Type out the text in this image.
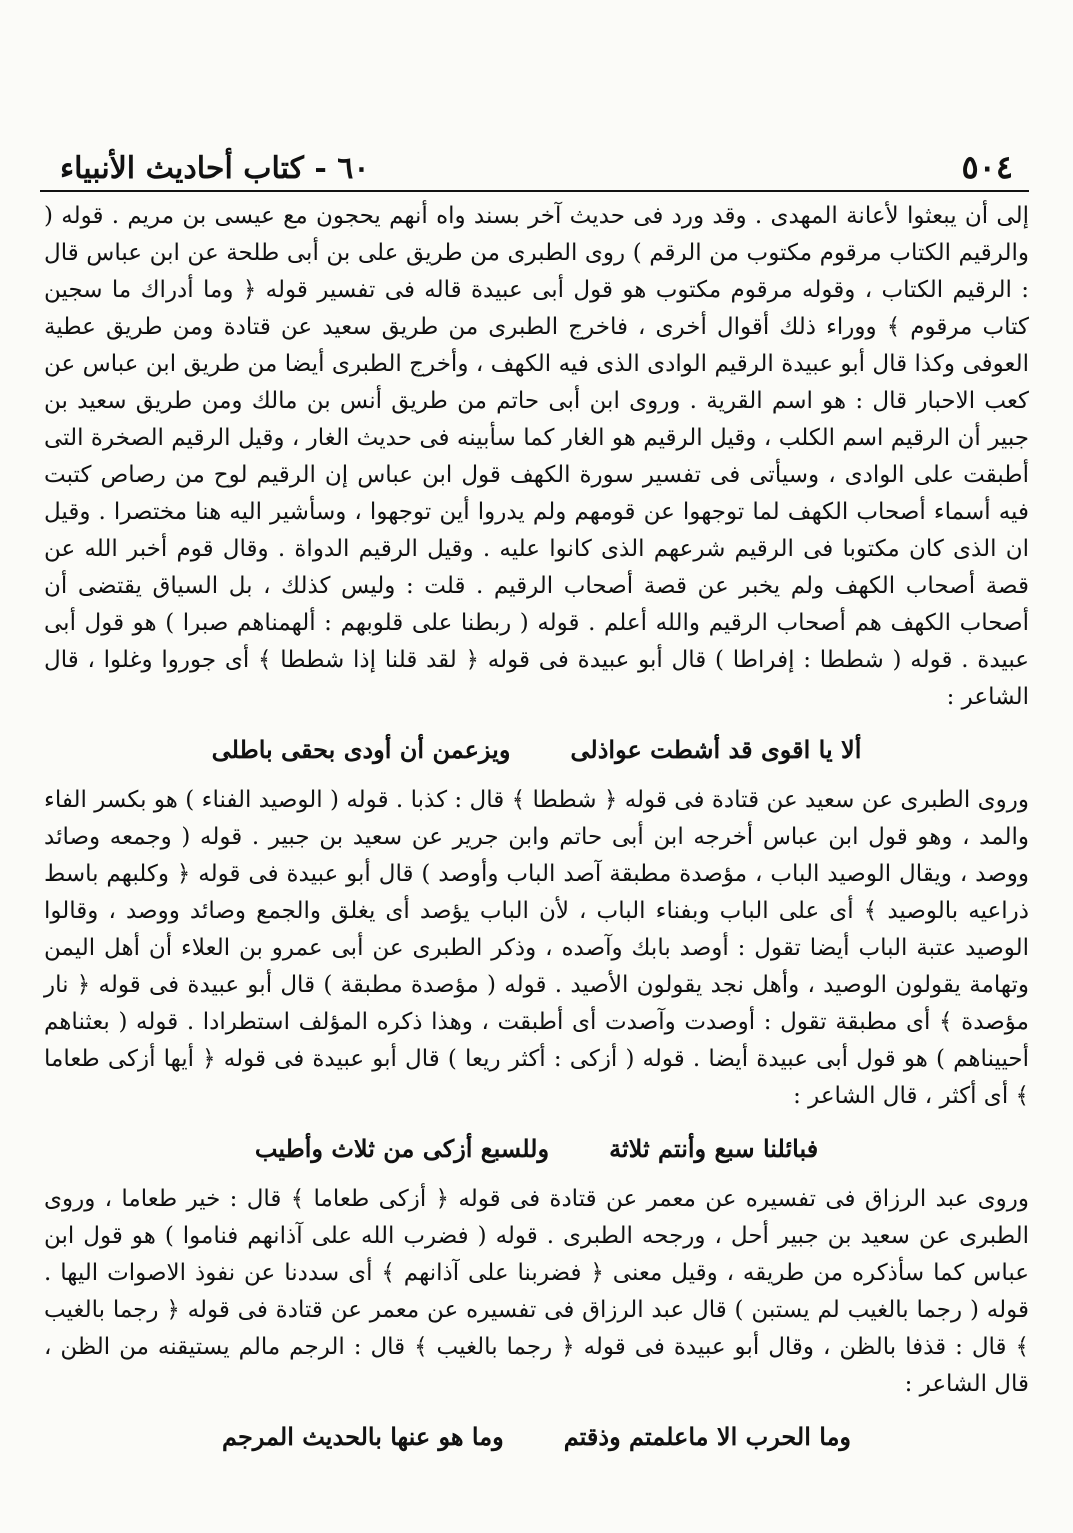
٦٠ - كتاب أحاديث الأنبياء	٥٠٤

إلى أن يبعثوا لأعانة المهدى . وقد ورد فى حديث آخر بسند واه أنهم يحجون مع عيسى بن مريم . قوله ( والرقيم الكتاب مرقوم مكتوب من الرقم ) روى الطبرى من طريق على بن أبى طلحة عن ابن عباس قال : الرقيم الكتاب ، وقوله مرقوم مكتوب هو قول أبى عبيدة قاله فى تفسير قوله ﴿ وما أدراك ما سجين كتاب مرقوم ﴾ ووراء ذلك أقوال أخرى ، فاخرج الطبرى من طريق سعيد عن قتادة ومن طريق عطية العوفى وكذا قال أبو عبيدة الرقيم الوادى الذى فيه الكهف ، وأخرج الطبرى أيضا من طريق ابن عباس عن كعب الاحبار قال : هو اسم القرية . وروى ابن أبى حاتم من طريق أنس بن مالك ومن طريق سعيد بن جبير أن الرقيم اسم الكلب ، وقيل الرقيم هو الغار كما سأبينه فى حديث الغار ، وقيل الرقيم الصخرة التى أطبقت على الوادى ، وسيأتى فى تفسير سورة الكهف قول ابن عباس إن الرقيم لوح من رصاص كتبت فيه أسماء أصحاب الكهف لما توجهوا عن قومهم ولم يدروا أين توجهوا ، وسأشير اليه هنا مختصرا . وقيل ان الذى كان مكتوبا فى الرقيم شرعهم الذى كانوا عليه . وقيل الرقيم الدواة . وقال قوم أخبر الله عن قصة أصحاب الكهف ولم يخبر عن قصة أصحاب الرقيم . قلت : وليس كذلك ، بل السياق يقتضى أن أصحاب الكهف هم أصحاب الرقيم والله أعلم . قوله ( ربطنا على قلوبهم : ألهمناهم صبرا ) هو قول أبى عبيدة . قوله ( شططا : إفراطا ) قال أبو عبيدة فى قوله ﴿ لقد قلنا إذا شططا ﴾ أى جوروا وغلوا ، قال الشاعر :

ألا يا اقوى قد أشطت عواذلى
ويزعمن أن أودى بحقى باطلى

وروى الطبرى عن سعيد عن قتادة فى قوله ﴿ شططا ﴾ قال : كذبا . قوله ( الوصيد الفناء ) هو بكسر الفاء والمد ، وهو قول ابن عباس أخرجه ابن أبى حاتم وابن جرير عن سعيد بن جبير . قوله ( وجمعه وصائد ووصد ، ويقال الوصيد الباب ، مؤصدة مطبقة آصد الباب وأوصد ) قال أبو عبيدة فى قوله ﴿ وكلبهم باسط ذراعيه بالوصيد ﴾ أى على الباب وبفناء الباب ، لأن الباب يؤصد أى يغلق والجمع وصائد ووصد ، وقالوا الوصيد عتبة الباب أيضا تقول : أوصد بابك وآصده ، وذكر الطبرى عن أبى عمرو بن العلاء أن أهل اليمن وتهامة يقولون الوصيد ، وأهل نجد يقولون الأصيد . قوله ( مؤصدة مطبقة ) قال أبو عبيدة فى قوله ﴿ نار مؤصدة ﴾ أى مطبقة تقول : أوصدت وآصدت أى أطبقت ، وهذا ذكره المؤلف استطرادا . قوله ( بعثناهم أحييناهم ) هو قول أبى عبيدة أيضا . قوله ( أزكى : أكثر ريعا ) قال أبو عبيدة فى قوله ﴿ أيها أزكى طعاما ﴾ أى أكثر ، قال الشاعر :

فبائلنا سبع وأنتم ثلاثة
وللسبع أزكى من ثلاث وأطيب

وروى عبد الرزاق فى تفسيره عن معمر عن قتادة فى قوله ﴿ أزكى طعاما ﴾ قال : خير طعاما ، وروى الطبرى عن سعيد بن جبير أحل ، ورجحه الطبرى . قوله ( فضرب الله على آذانهم فناموا ) هو قول ابن عباس كما سأذكره من طريقه ، وقيل معنى ﴿ فضربنا على آذانهم ﴾ أى سددنا عن نفوذ الاصوات اليها . قوله ( رجما بالغيب لم يستبن ) قال عبد الرزاق فى تفسيره عن معمر عن قتادة فى قوله ﴿ رجما بالغيب ﴾ قال : قذفا بالظن ، وقال أبو عبيدة فى قوله ﴿ رجما بالغيب ﴾ قال : الرجم مالم يستيقنه من الظن ، قال الشاعر :

وما الحرب الا ماعلمتم وذقتم
وما هو عنها بالحديث المرجم
